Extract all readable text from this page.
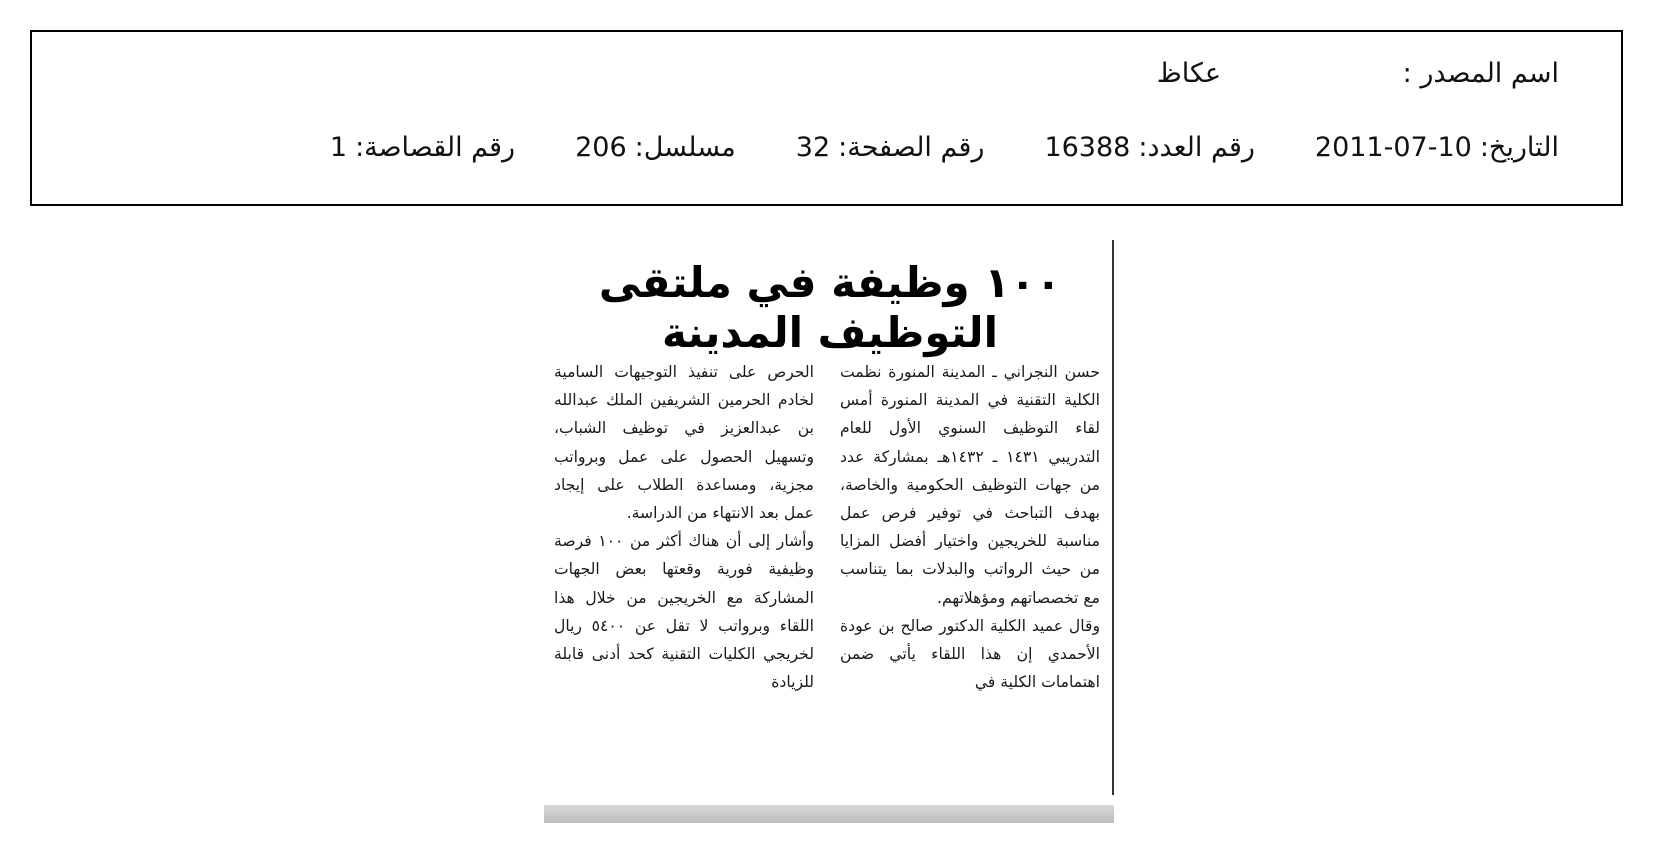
اسم المصدر :
عكاظ
التاريخ:
2011-07-10
رقم العدد:
16388
رقم الصفحة:
32
مسلسل:
206
رقم القصاصة:
1
١٠٠ وظيفة في ملتقى التوظيف المدينة

حسن النجراني ـ المدينة المنورة نظمت الكلية التقنية في المدينة المنورة أمس لقاء التوظيف السنوي الأول للعام التدريبي ١٤٣١ ـ ١٤٣٢هـ بمشاركة عدد من جهات التوظيف الحكومية والخاصة، بهدف التباحث في توفير فرص عمل مناسبة للخريجين واختيار أفضل المزايا من حيث الرواتب والبدلات بما يتناسب مع تخصصاتهم ومؤهلاتهم.

وقال عميد الكلية الدكتور صالح بن عودة الأحمدي إن هذا اللقاء يأتي ضمن اهتمامات الكلية في

الحرص على تنفيذ التوجيهات السامية لخادم الحرمين الشريفين الملك عبدالله بن عبدالعزيز في توظيف الشباب، وتسهيل الحصول على عمل وبرواتب مجزية، ومساعدة الطلاب على إيجاد عمل بعد الانتهاء من الدراسة.

وأشار إلى أن هناك أكثر من ١٠٠ فرصة وظيفية فورية وقعتها بعض الجهات المشاركة مع الخريجين من خلال هذا اللقاء وبرواتب لا تقل عن ٥٤٠٠ ريال لخريجي الكليات التقنية كحد أدنى قابلة للزيادة
